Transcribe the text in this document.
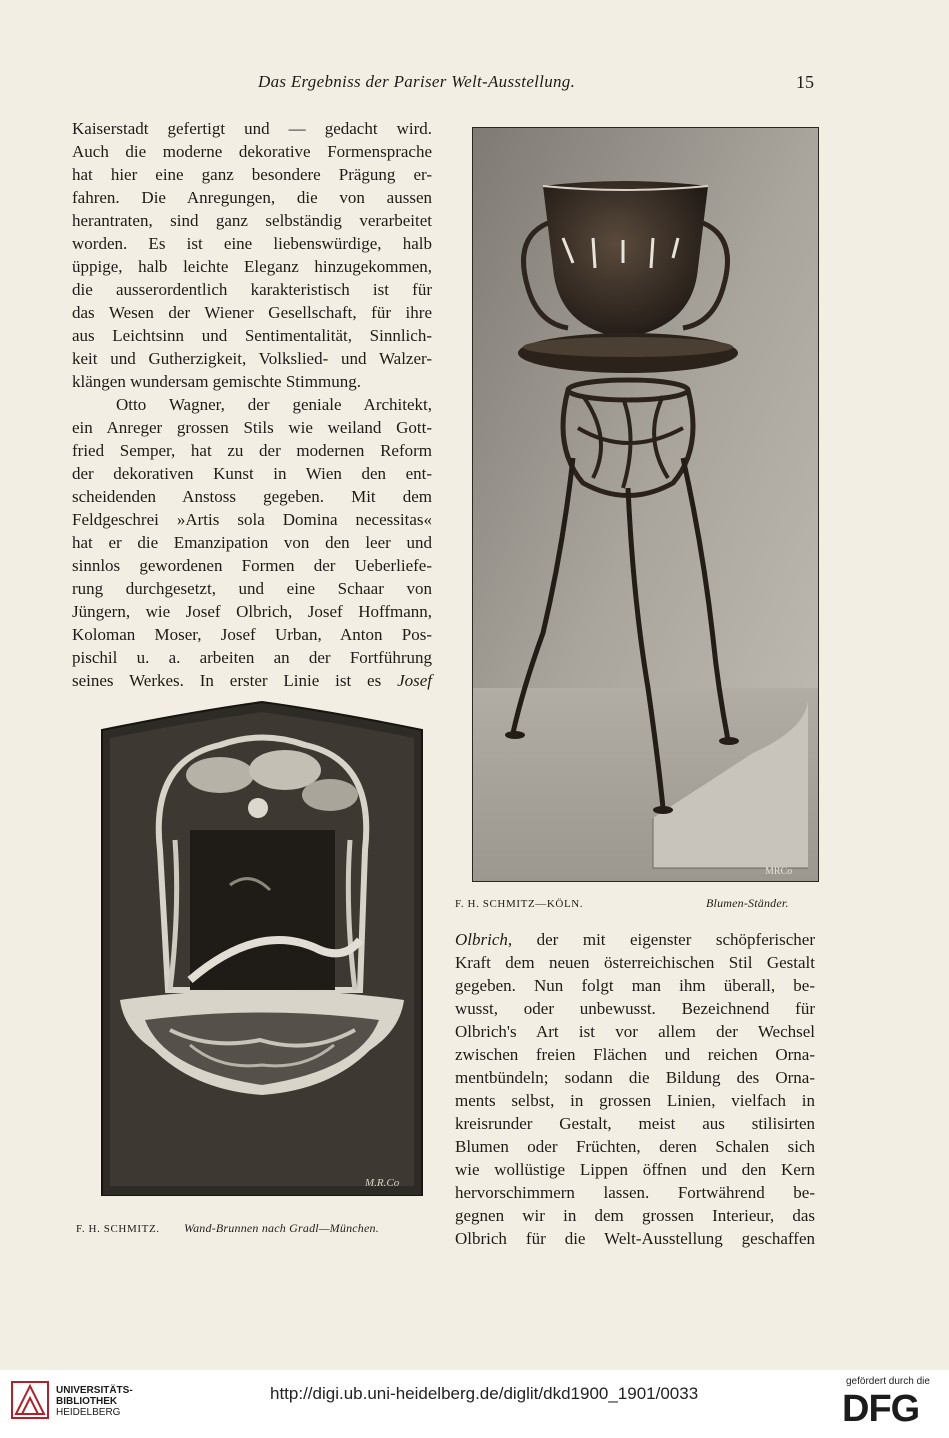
Das Ergebniss der Pariser Welt-Ausstellung.	15
Kaiserstadt gefertigt und — gedacht wird.
Auch die moderne dekorative Formensprache
hat hier eine ganz besondere Prägung er-
fahren. Die Anregungen, die von aussen
herantraten, sind ganz selbständig verarbeitet
worden. Es ist eine liebenswürdige, halb
üppige, halb leichte Eleganz hinzugekommen,
die ausserordentlich karakteristisch ist für
das Wesen der Wiener Gesellschaft, für ihre
aus Leichtsinn und Sentimentalität, Sinnlich-
keit und Gutherzigkeit, Volkslied- und Walzer-
klängen wundersam gemischte Stimmung.
Otto Wagner, der geniale Architekt,
ein Anreger grossen Stils wie weiland Gott-
fried Semper, hat zu der modernen Reform
der dekorativen Kunst in Wien den ent-
scheidenden Anstoss gegeben. Mit dem
Feldgeschrei »Artis sola Domina necessitas«
hat er die Emanzipation von den leer und
sinnlos gewordenen Formen der Ueberliefe-
rung durchgesetzt, und eine Schaar von
Jüngern, wie Josef Olbrich, Josef Hoffmann,
Koloman Moser, Josef Urban, Anton Pos-
pischil u. a. arbeiten an der Fortführung
seines Werkes. In erster Linie ist es Josef
MRCo
F. H. SCHMITZ—KÖLN.	Blumen-Ständer.
M.R.Co
F. H. SCHMITZ. Wand-Brunnen nach Gradl—München.
Olbrich, der mit eigenster schöpferischer
Kraft dem neuen österreichischen Stil Gestalt
gegeben. Nun folgt man ihm überall, be-
wusst, oder unbewusst. Bezeichnend für
Olbrich's Art ist vor allem der Wechsel
zwischen freien Flächen und reichen Orna-
mentbündeln; sodann die Bildung des Orna-
ments selbst, in grossen Linien, vielfach in
kreisrunder Gestalt, meist aus stilisirten
Blumen oder Früchten, deren Schalen sich
wie wollüstige Lippen öffnen und den Kern
hervorschimmern lassen. Fortwährend be-
gegnen wir in dem grossen Interieur, das
Olbrich für die Welt-Ausstellung geschaffen
UNIVERSITÄTS-
BIBLIOTHEK
HEIDELBERG
http://digi.ub.uni-heidelberg.de/diglit/dkd1900_1901/0033
gefördert durch die
DFG
